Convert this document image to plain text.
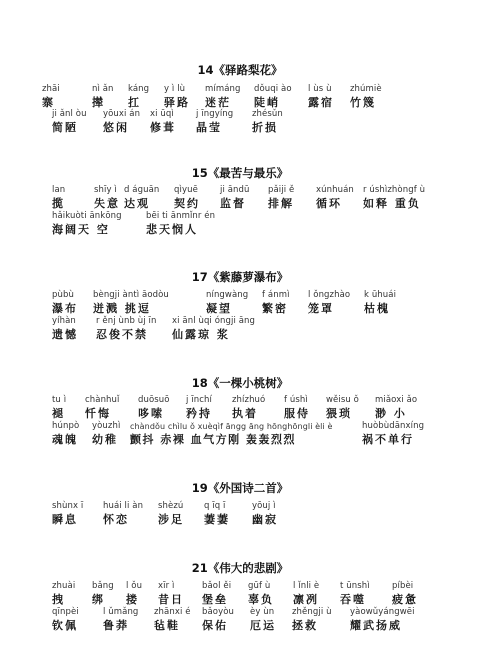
14《驿路梨花》
zhāi
寨
nì ǎn
撵
káng
扛
y ì lù
驿路
mímáng
迷茫
dǒuqi ào
陡峭
l ùs ù
露宿
zhúmiè
竹篾
ji ǎnl òu
简陋
yōuxi án
悠闲
xi ūqì
修葺
j īngyíng
晶莹
zhésǔn
折损
15《最苦与最乐》
lan
揽
shīy ì
失意
d águān
达观
qìyuē
契约
ji āndū
监督
pǎiji ě
排解
xúnhuán
循环
r úshìzhòngf ù
如释 重负
hǎikuòti ānkōng
海阔天 空
bēi ti ānmǐnr én
悲天悯人
17《紫藤萝瀑布》
pùbù
瀑布
bèngji àntì āodòu
迸溅 挑逗
níngwàng
凝望
f ánmì
繁密
l ǒngzhào
笼罩
k ūhuái
枯槐
yíhàn
遗憾
r ěnj ùnb ùj īn
忍俊不禁
xi ānl ùqi óngji āng
仙露琼 浆
18《一棵小桃树》
tu ì
褪
chànhuǐ
忏悔
duōsuō
哆嗦
j īnchí
矜持
zhízhuó
执着
f úshì
服侍
wěisu ǒ
猥琐
miǎoxi ǎo
渺 小
húnpò
魂魄
yòuzhì
幼稚
chàndǒu chìlu ǒ xuèqìf āngg āng hōnghōngli èli è
颤抖 赤裸 血气方刚 轰轰烈烈
huòbùdānxíng
祸不单行
19《外国诗二首》
shùnx ī
瞬息
huái li àn
怀恋
shèzú
涉足
q īq ī
萋萋
yōuj ì
幽寂
21《伟大的悲剧》
zhuài
拽
bǎng
绑
l ǒu
搂
xīr ì
昔日
bǎol ěi
堡垒
gūf ù
辜负
l ǐnli è
凛冽
t ūnshì
吞噬
píbèi
疲惫
qīnpèi
钦佩
l ǔmǎng
鲁莽
zhānxi é
毡鞋
bǎoyòu
保佑
èy ùn
厄运
zhěngji ù
拯救
yàowǔyángwēi
耀武扬威
